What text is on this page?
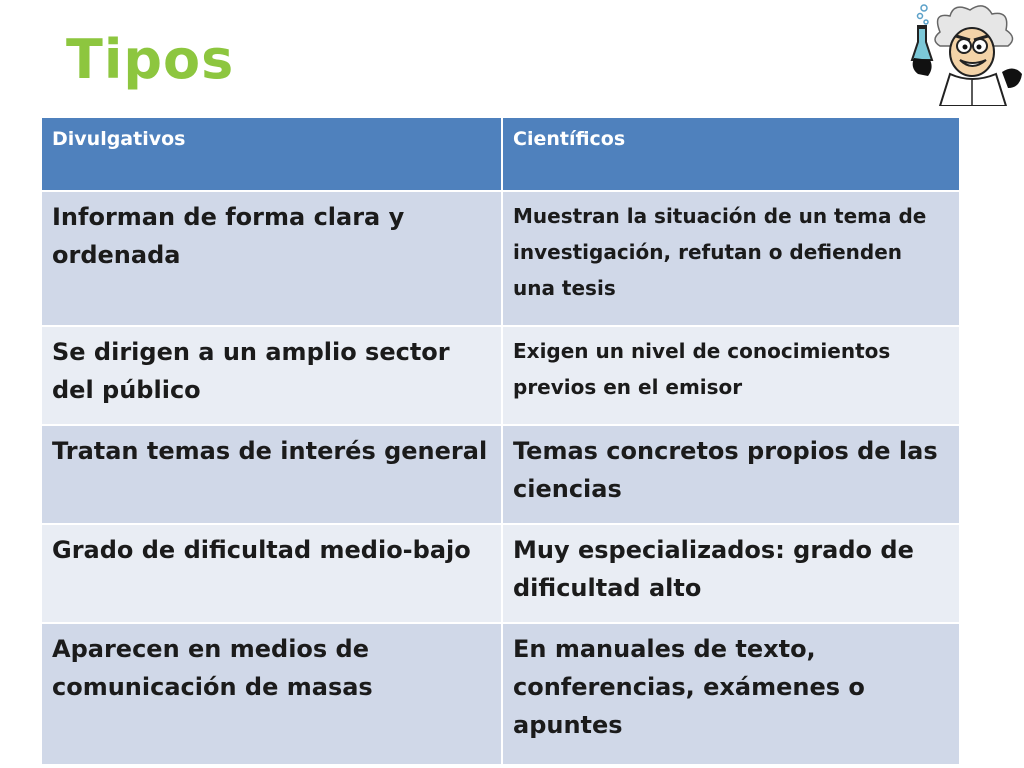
Tipos
Divulgativos	Científicos
Informan de forma clara y ordenada	Muestran la situación de un tema de investigación, refutan o defienden una tesis
Se dirigen a un amplio sector del público	Exigen un nivel de conocimientos previos en el emisor
Tratan temas de interés general	Temas concretos propios de las ciencias
Grado de dificultad medio-bajo	Muy especializados: grado de dificultad alto
Aparecen en medios de comunicación de masas	En manuales de texto, conferencias, exámenes o apuntes
